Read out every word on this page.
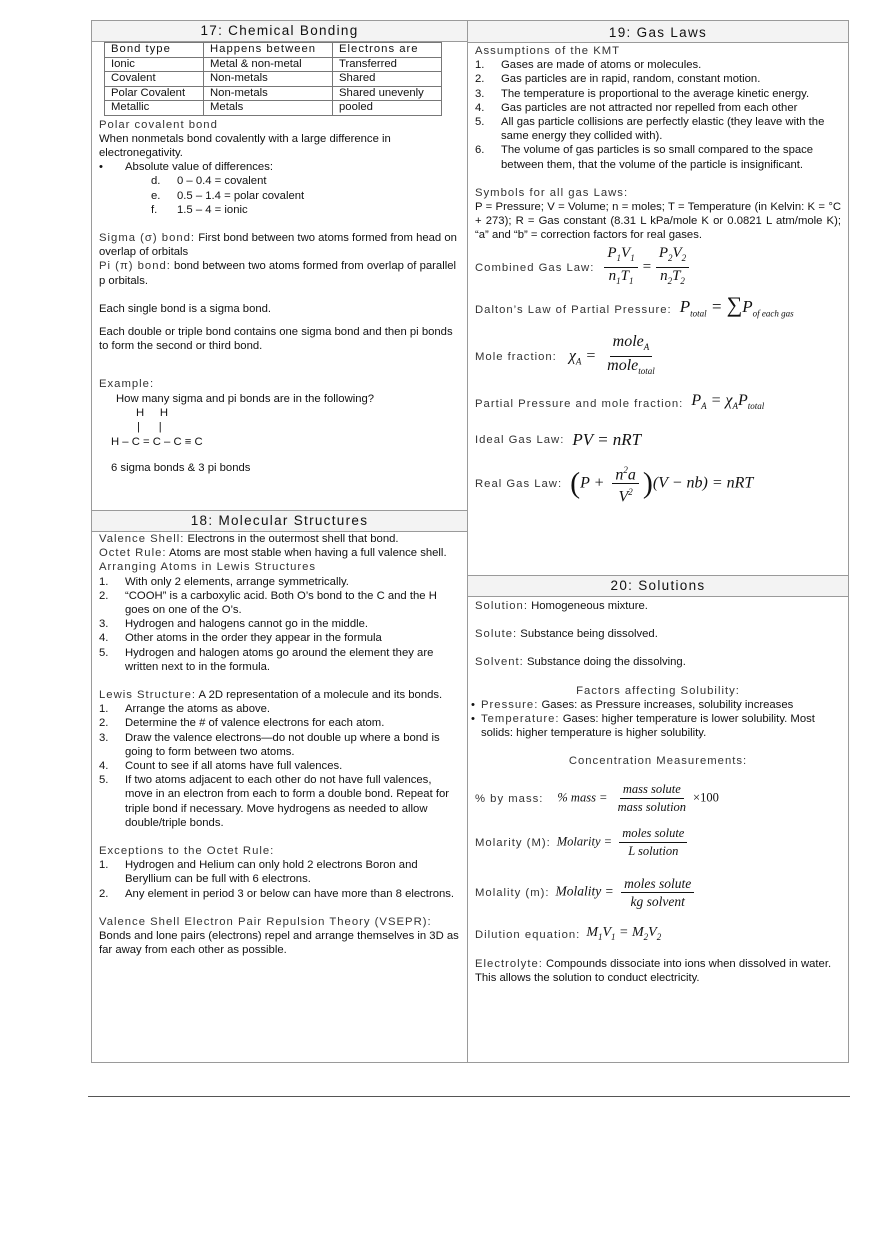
17: Chemical Bonding
Bond type	Happens between	Electrons are
Ionic	Metal & non-metal	Transferred
Covalent	Non-metals	Shared
Polar Covalent	Non-metals	Shared unevenly
Metallic	Metals	pooled
Polar covalent bond
When nonmetals bond covalently with a large difference in electronegativity.
•	Absolute value of differences:
d. 0 – 0.4 = covalent
e. 0.5 – 1.4 = polar covalent
f. 1.5 – 4 = ionic
Sigma (σ) bond: First bond between two atoms formed from head on overlap of orbitals
Pi (π) bond: bond between two atoms formed from overlap of parallel p orbitals.
Each single bond is a sigma bond.
Each double or triple bond contains one sigma bond and then pi bonds to form the second or third bond.
Example:
How many sigma and pi bonds are in the following?
H     H
|      |
H – C = C – C ≡ C
6 sigma bonds & 3 pi bonds
18: Molecular Structures
Valence Shell: Electrons in the outermost shell that bond.
Octet Rule: Atoms are most stable when having a full valence shell.
Arranging Atoms in Lewis Structures
1.	With only 2 elements, arrange symmetrically.
2.	“COOH” is a carboxylic acid. Both O’s bond to the C and the H goes on one of the O’s.
3.	Hydrogen and halogens cannot go in the middle.
4.	Other atoms in the order they appear in the formula
5.	Hydrogen and halogen atoms go around the element they are written next to in the formula.
Lewis Structure: A 2D representation of a molecule and its bonds.
1.	Arrange the atoms as above.
2.	Determine the # of valence electrons for each atom.
3.	Draw the valence electrons—do not double up where a bond is going to form between two atoms.
4.	Count to see if all atoms have full valences.
5.	If two atoms adjacent to each other do not have full valences, move in an electron from each to form a double bond. Repeat for triple bond if necessary. Move hydrogens as needed to allow double/triple bonds.
Exceptions to the Octet Rule:
1.	Hydrogen and Helium can only hold 2 electrons Boron and Beryllium can be full with 6 electrons.
2.	Any element in period 3 or below can have more than 8 electrons.
Valence Shell Electron Pair Repulsion Theory (VSEPR):
Bonds and lone pairs (electrons) repel and arrange themselves in 3D as far away from each other as possible.
19: Gas Laws
Assumptions of the KMT
1.	Gases are made of atoms or molecules.
2.	Gas particles are in rapid, random, constant motion.
3.	The temperature is proportional to the average kinetic energy.
4.	Gas particles are not attracted nor repelled from each other
5.	All gas particle collisions are perfectly elastic (they leave with the same energy they collided with).
6.	The volume of gas particles is so small compared to the space between them, that the volume of the particle is insignificant.
Symbols for all gas Laws:
P = Pressure; V = Volume; n = moles; T = Temperature (in Kelvin: K = °C + 273); R = Gas constant (8.31 L kPa/mole K or 0.0821 L atm/mole K); “a” and “b” = correction factors for real gases.
Combined Gas Law: $\frac{P_1V_1}{n_1T_1} = \frac{P_2V_2}{n_2T_2}$
Dalton’s Law of Partial Pressure: $P_{total} = \sum P_{of each gas}$
Mole fraction: $\chi_A = \frac{mole_A}{mole_{total}}$
Partial Pressure and mole fraction: $P_A = \chi_AP_{total}$
Ideal Gas Law: PV = nRT
Real Gas Law: $(P + \frac{n^2a}{V^2} )(V - nb)$ = nRT
20: Solutions
Solution: Homogeneous mixture.
Solute: Substance being dissolved.
Solvent: Substance doing the dissolving.
Factors affecting Solubility:
• Pressure: Gases: as Pressure increases, solubility increases
• Temperature: Gases: higher temperature is lower solubility. Most solids: higher temperature is higher solubility.
Concentration Measurements:
% by mass: % mass = $\frac{\text{mass solute}}{\text{mass solution}} \times 100$
Molarity (M): Molarity = $\frac{\text{moles solute}}{\text{L solution}}$
Molality (m): Molality = $\frac{\text{moles solute}}{\text{kg solvent}}$
Dilution equation: $M_1V_1 = M_2V_2$
Electrolyte: Compounds dissociate into ions when dissolved in water. This allows the solution to conduct electricity.
